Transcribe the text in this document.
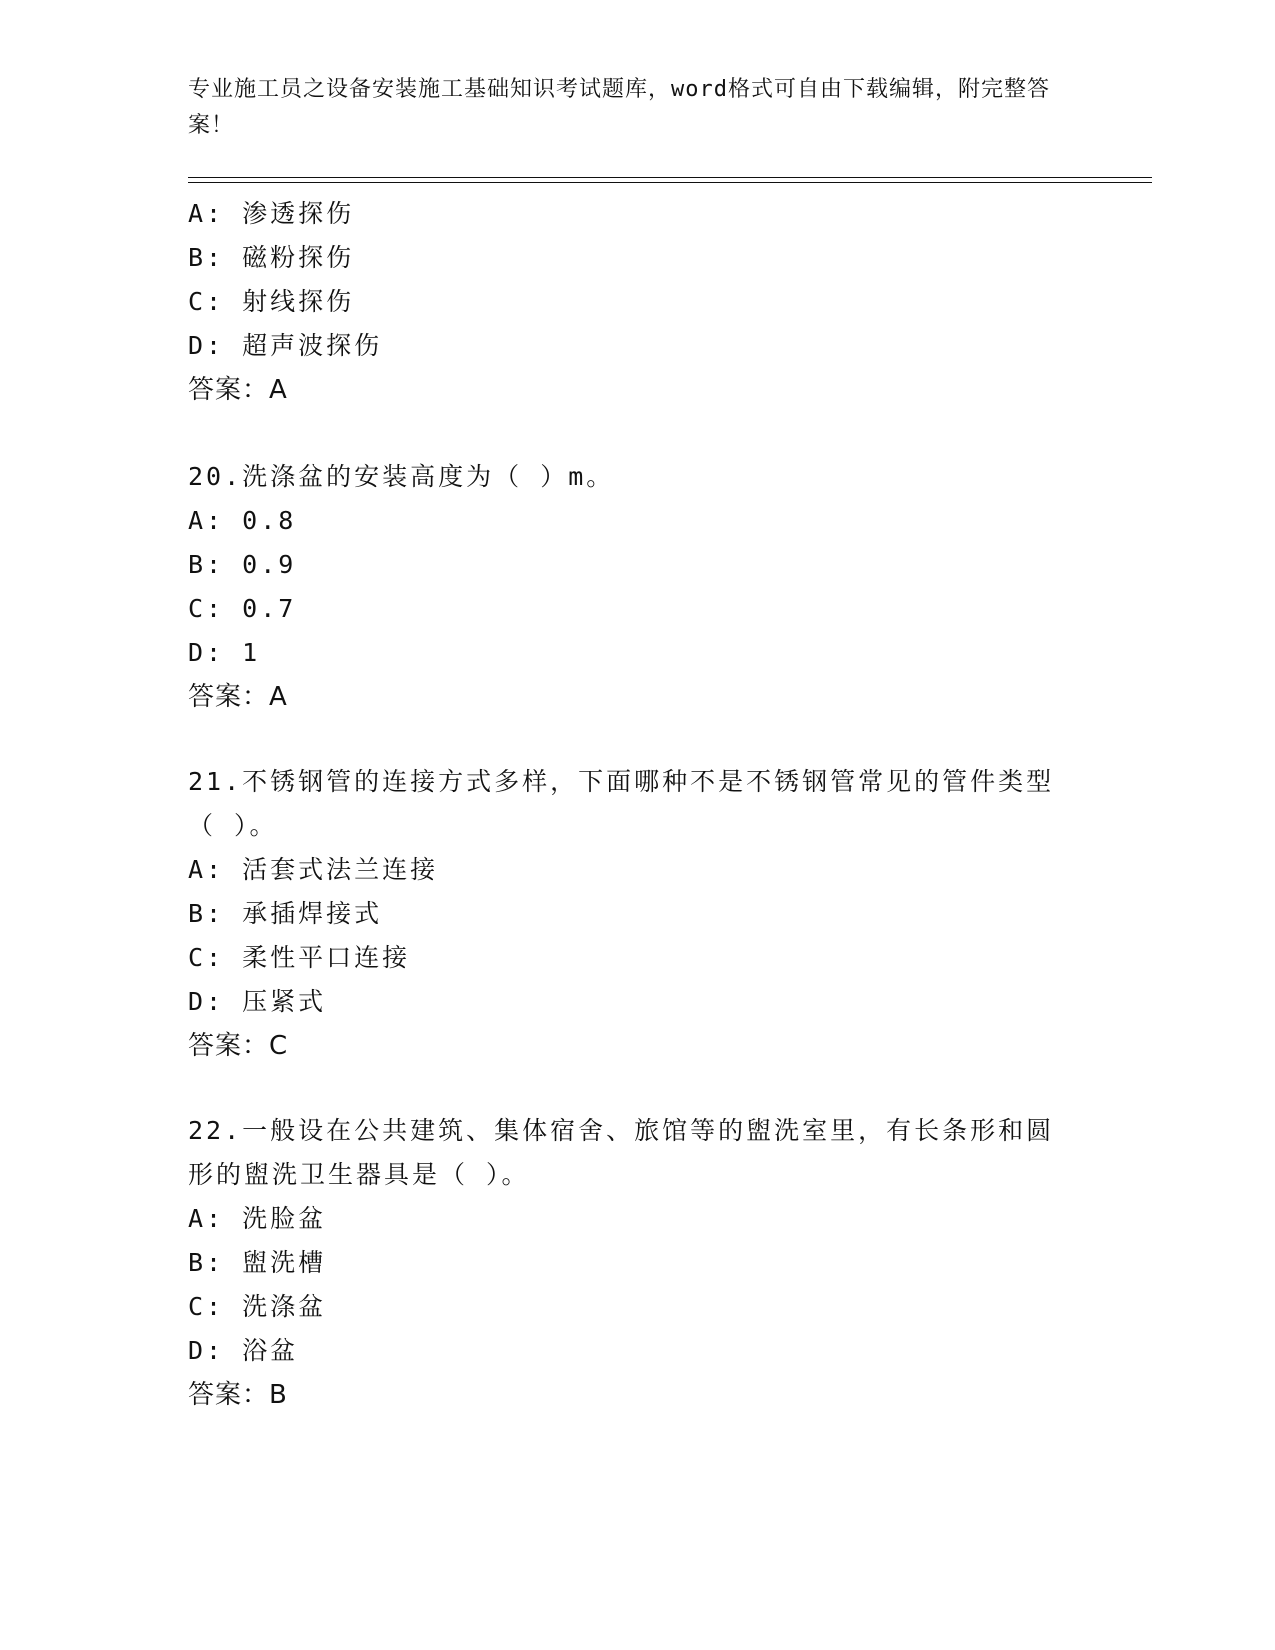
专业施工员之设备安装施工基础知识考试题库，word格式可自由下载编辑，附完整答案！
A: 渗透探伤
B: 磁粉探伤
C: 射线探伤
D: 超声波探伤
答案：A
20.洗涤盆的安装高度为（ ）m。
A: 0.8
B: 0.9
C: 0.7
D: 1
答案：A
21.不锈钢管的连接方式多样，下面哪种不是不锈钢管常见的管件类型
（ ）。
A: 活套式法兰连接
B: 承插焊接式
C: 柔性平口连接
D: 压紧式
答案：C
22.一般设在公共建筑、集体宿舍、旅馆等的盥洗室里，有长条形和圆
形的盥洗卫生器具是（ ）。
A: 洗脸盆
B: 盥洗槽
C: 洗涤盆
D: 浴盆
答案：B
